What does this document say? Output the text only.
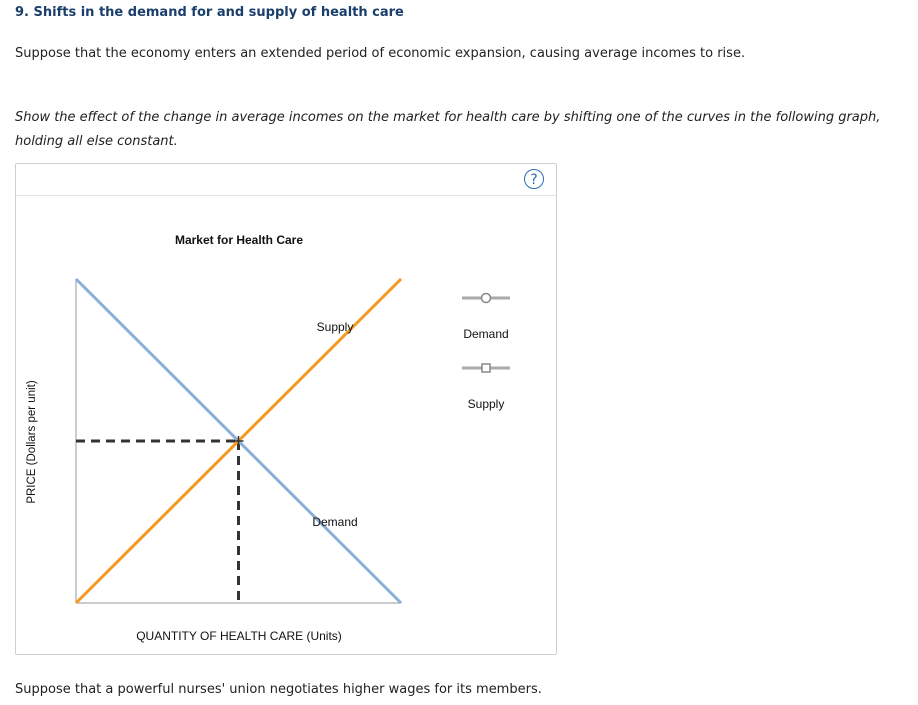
9. Shifts in the demand for and supply of health care
Suppose that the economy enters an extended period of economic expansion, causing average incomes to rise.
Show the effect of the change in average incomes on the market for health care by shifting one of the curves in the following graph, holding all else constant.
?
Market for Health Care
PRICE (Dollars per unit)
QUANTITY OF HEALTH CARE (Units)
Supply
Demand
Demand
Supply
Suppose that a powerful nurses' union negotiates higher wages for its members.
